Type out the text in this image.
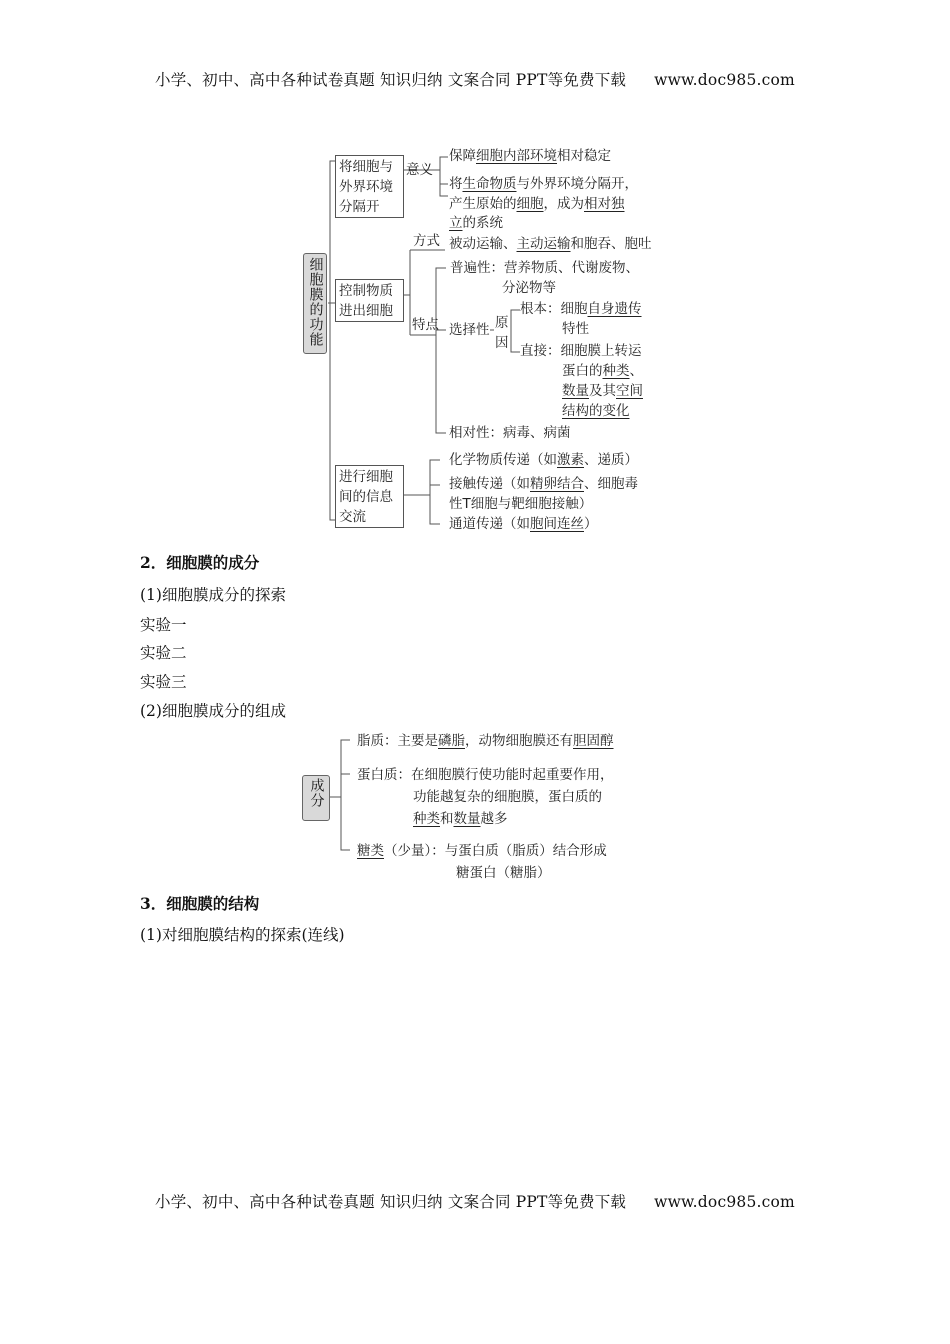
小学、初中、高中各种试卷真题 知识归纳 文案合同 PPT等免费下载 www.doc985.com
细胞膜的功能
将细胞与
外界环境
分隔开
意义
保障细胞内部环境相对稳定
将生命物质与外界环境分隔开，
产生原始的细胞，成为相对独
立的系统
控制物质
进出细胞
方式 被动运输、主动运输和胞吞、胞吐
特点
普遍性：营养物质、代谢废物、
分泌物等
选择性 原
因
根本：细胞自身遗传
特性
直接：细胞膜上转运
蛋白的种类、
数量及其空间
结构的变化
相对性：病毒、病菌
进行细胞
间的信息
交流
化学物质传递（如激素、递质）
接触传递（如精卵结合、细胞毒
性T细胞与靶细胞接触）
通道传递（如胞间连丝）
2．细胞膜的成分
(1)细胞膜成分的探索
实验一
实验二
实验三
(2)细胞膜成分的组成
成分
脂质：主要是磷脂，动物细胞膜还有胆固醇
蛋白质：在细胞膜行使功能时起重要作用，
功能越复杂的细胞膜，蛋白质的
种类和数量越多
糖类（少量）：与蛋白质（脂质）结合形成
糖蛋白（糖脂）
3．细胞膜的结构
(1)对细胞膜结构的探索(连线)
小学、初中、高中各种试卷真题 知识归纳 文案合同 PPT等免费下载 www.doc985.com
